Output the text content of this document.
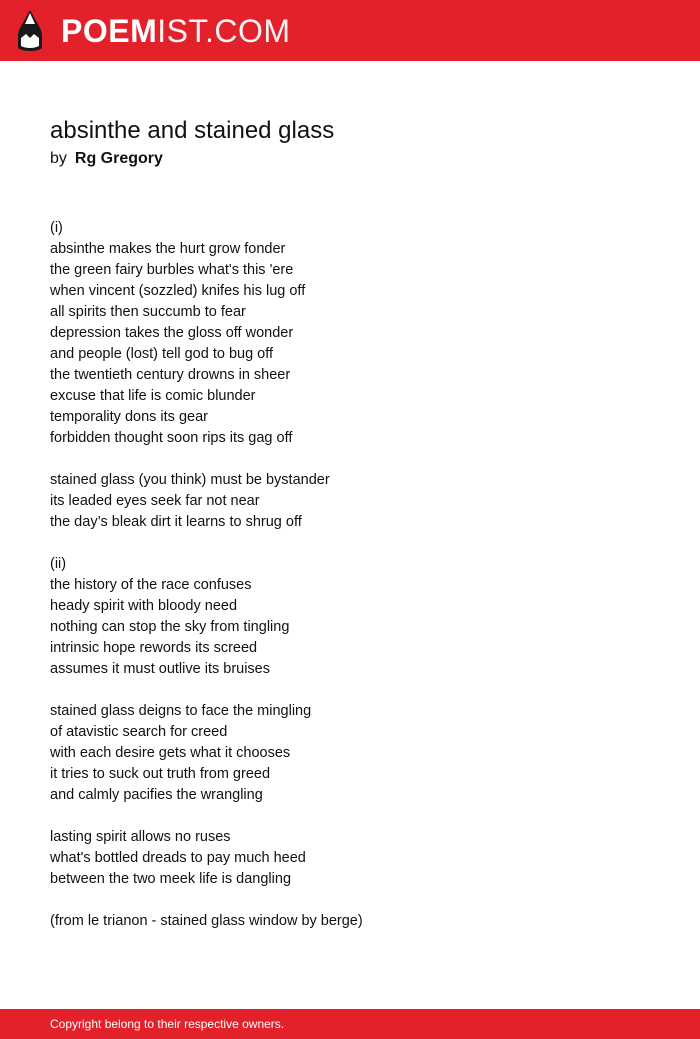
POEMIST.COM
absinthe and stained glass
by Rg Gregory

(i)
absinthe makes the hurt grow fonder
the green fairy burbles what's this 'ere
when vincent (sozzled) knifes his lug off
all spirits then succumb to fear
depression takes the gloss off wonder
and people (lost) tell god to bug off
the twentieth century drowns in sheer
excuse that life is comic blunder
temporality dons its gear
forbidden thought soon rips its gag off

stained glass (you think) must be bystander
its leaded eyes seek far not near
the day’s bleak dirt it learns to shrug off

(ii)
the history of the race confuses
heady spirit with bloody need
nothing can stop the sky from tingling
intrinsic hope rewords its screed
assumes it must outlive its bruises

stained glass deigns to face the mingling
of atavistic search for creed
with each desire gets what it chooses
it tries to suck out truth from greed
and calmly pacifies the wrangling

lasting spirit allows no ruses
what's bottled dreads to pay much heed
between the two meek life is dangling

(from le trianon - stained glass window by berge)

Copyright belong to their respective owners.
